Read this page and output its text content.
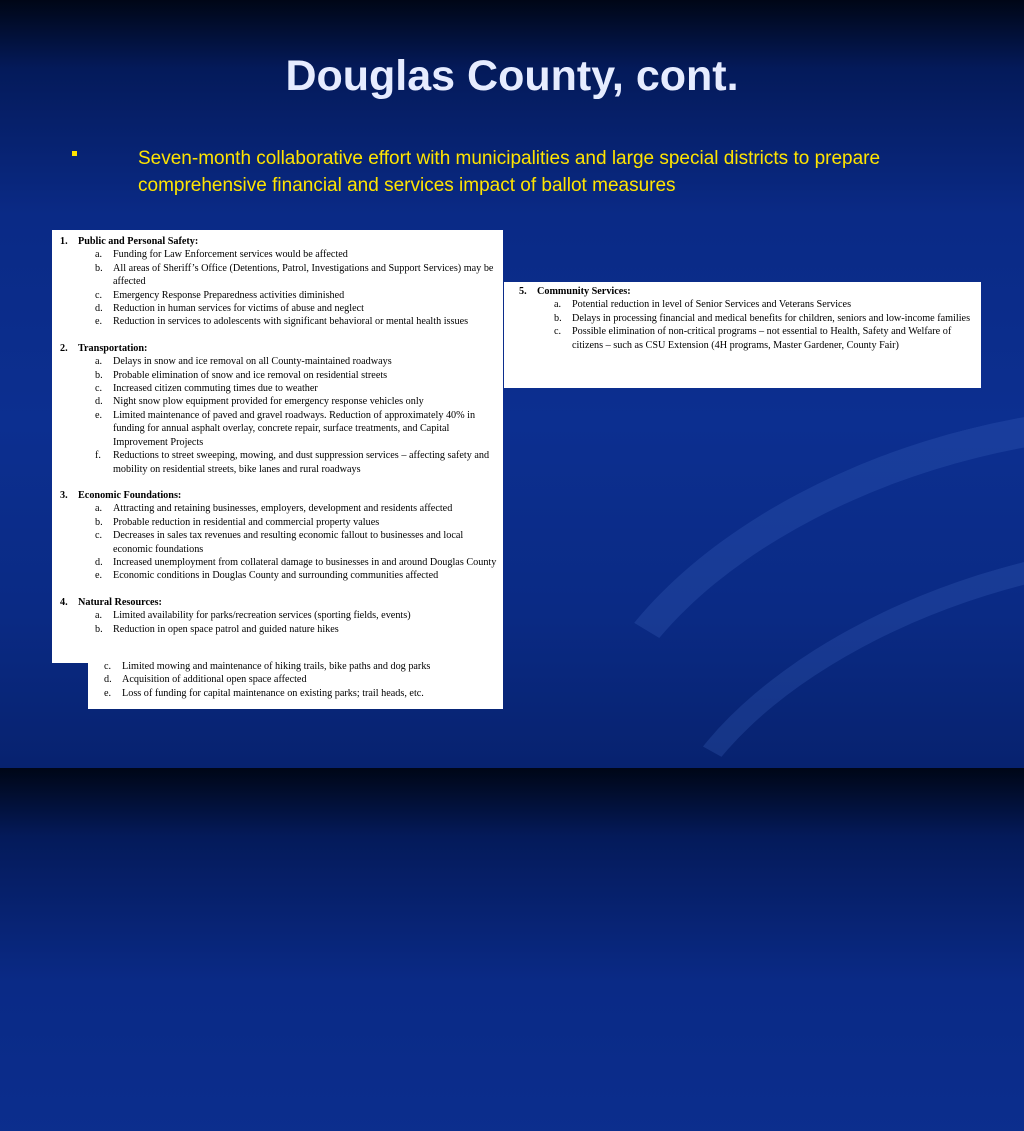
Douglas County, cont.
Seven-month collaborative effort with municipalities and large special districts to prepare comprehensive financial and services impact of ballot measures
1.	Public and Personal Safety:
a.	Funding for Law Enforcement services would be affected
b.	All areas of Sheriff’s Office (Detentions, Patrol, Investigations and Support Services) may be affected
c.	Emergency Response Preparedness activities diminished
d.	Reduction in human services for victims of abuse and neglect
e.	Reduction in services to adolescents with significant behavioral or mental health issues
2.	Transportation:
a.	Delays in snow and ice removal on all County-maintained roadways
b.	Probable elimination of snow and ice removal on residential streets
c.	Increased citizen commuting times due to weather
d.	Night snow plow equipment provided for emergency response vehicles only
e.	Limited maintenance of paved and gravel roadways. Reduction of approximately 40% in funding for annual asphalt overlay, concrete repair, surface treatments, and Capital Improvement Projects
f.	Reductions to street sweeping, mowing, and dust suppression services – affecting safety and mobility on residential streets, bike lanes and rural roadways
3.	Economic Foundations:
a.	Attracting and retaining businesses, employers, development and residents affected
b.	Probable reduction in residential and commercial property values
c.	Decreases in sales tax revenues and resulting economic fallout to businesses and local economic foundations
d.	Increased unemployment from collateral damage to businesses in and around Douglas County
e.	Economic conditions in Douglas County and surrounding communities affected
4.	Natural Resources:
a.	Limited availability for parks/recreation services (sporting fields, events)
b.	Reduction in open space patrol and guided nature hikes
c.	Limited mowing and maintenance of hiking trails, bike paths and dog parks
d.	Acquisition of additional open space affected
e.	Loss of funding for capital maintenance on existing parks; trail heads, etc.
5.	Community Services:
a.	Potential reduction in level of Senior Services and Veterans Services
b.	Delays in processing financial and medical benefits for children, seniors and low-income families
c.	Possible elimination of non-critical programs – not essential to Health, Safety and Welfare of citizens – such as CSU Extension (4H programs, Master Gardener, County Fair)
